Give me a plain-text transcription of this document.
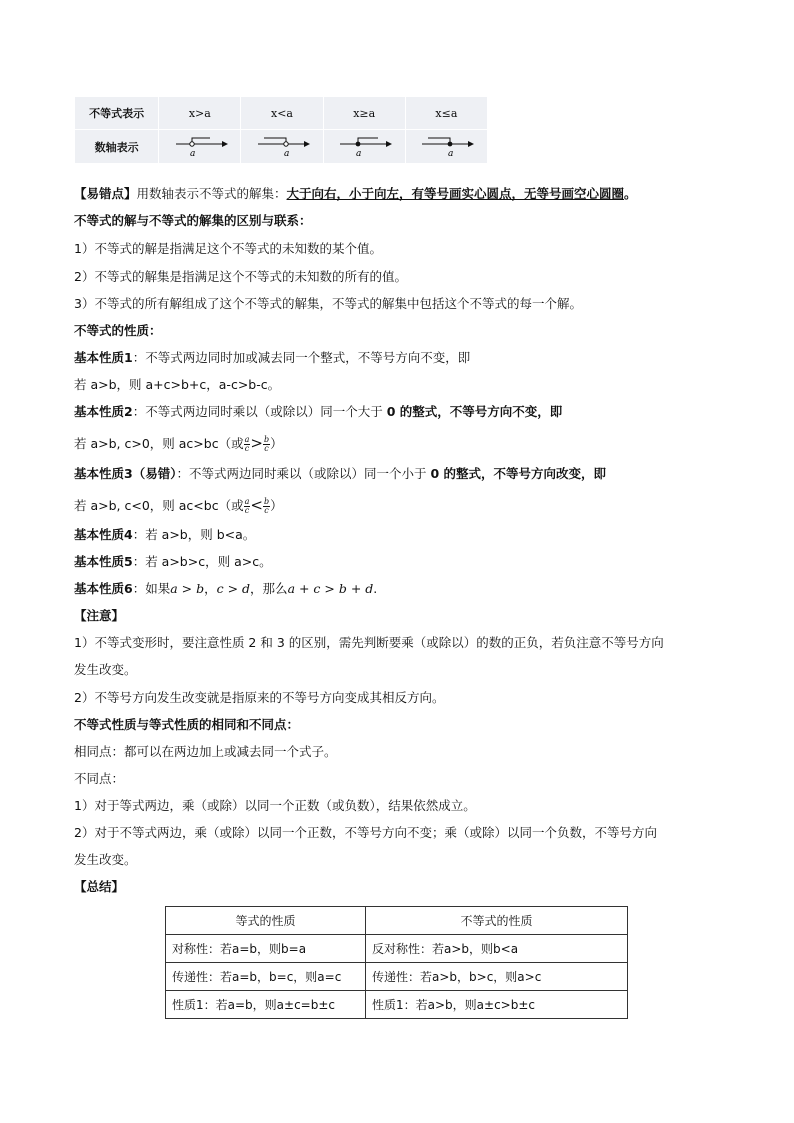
不等式表示	x>a	x<a	x≥a	x≤a
数轴表示	a	a	a	a
【易错点】用数轴表示不等式的解集：大于向右，小于向左，有等号画实心圆点，无等号画空心圆圈。
不等式的解与不等式的解集的区别与联系：
1）不等式的解是指满足这个不等式的未知数的某个值。
2）不等式的解集是指满足这个不等式的未知数的所有的值。
3）不等式的所有解组成了这个不等式的解集，不等式的解集中包括这个不等式的每一个解。
不等式的性质：
基本性质1：不等式两边同时加或减去同一个整式，不等号方向不变，即
若 a>b，则 a+c>b+c，a-c>b-c。
基本性质2：不等式两边同时乘以（或除以）同一个大于 0 的整式，不等号方向不变，即
若 a>b, c>0，则 ac>bc（或 $\frac{a}{c} > \frac{b}{c}$ ）
基本性质3（易错）：不等式两边同时乘以（或除以）同一个小于 0 的整式，不等号方向改变，即
若 a>b, c<0，则 ac<bc（或 $\frac{a}{c} < \frac{b}{c}$ ）
基本性质4：若 a>b，则 b<a。
基本性质5：若 a>b>c，则 a>c。
基本性质6：如果a > b，c > d，那么a + c > b + d.
【注意】
1）不等式变形时，要注意性质 2 和 3 的区别，需先判断要乘（或除以）的数的正负，若负注意不等号方向
发生改变。
2）不等号方向发生改变就是指原来的不等号方向变成其相反方向。
不等式性质与等式性质的相同和不同点：
相同点：都可以在两边加上或减去同一个式子。
不同点：
1）对于等式两边，乘（或除）以同一个正数（或负数），结果依然成立。
2）对于不等式两边，乘（或除）以同一个正数，不等号方向不变；乘（或除）以同一个负数，不等号方向
发生改变。
【总结】
等式的性质	不等式的性质
对称性：若a=b，则b=a	反对称性：若a>b，则b<a
传递性：若a=b，b=c，则a=c	传递性：若a>b，b>c，则a>c
性质1：若a=b，则a±c=b±c	性质1：若a>b，则a±c>b±c
